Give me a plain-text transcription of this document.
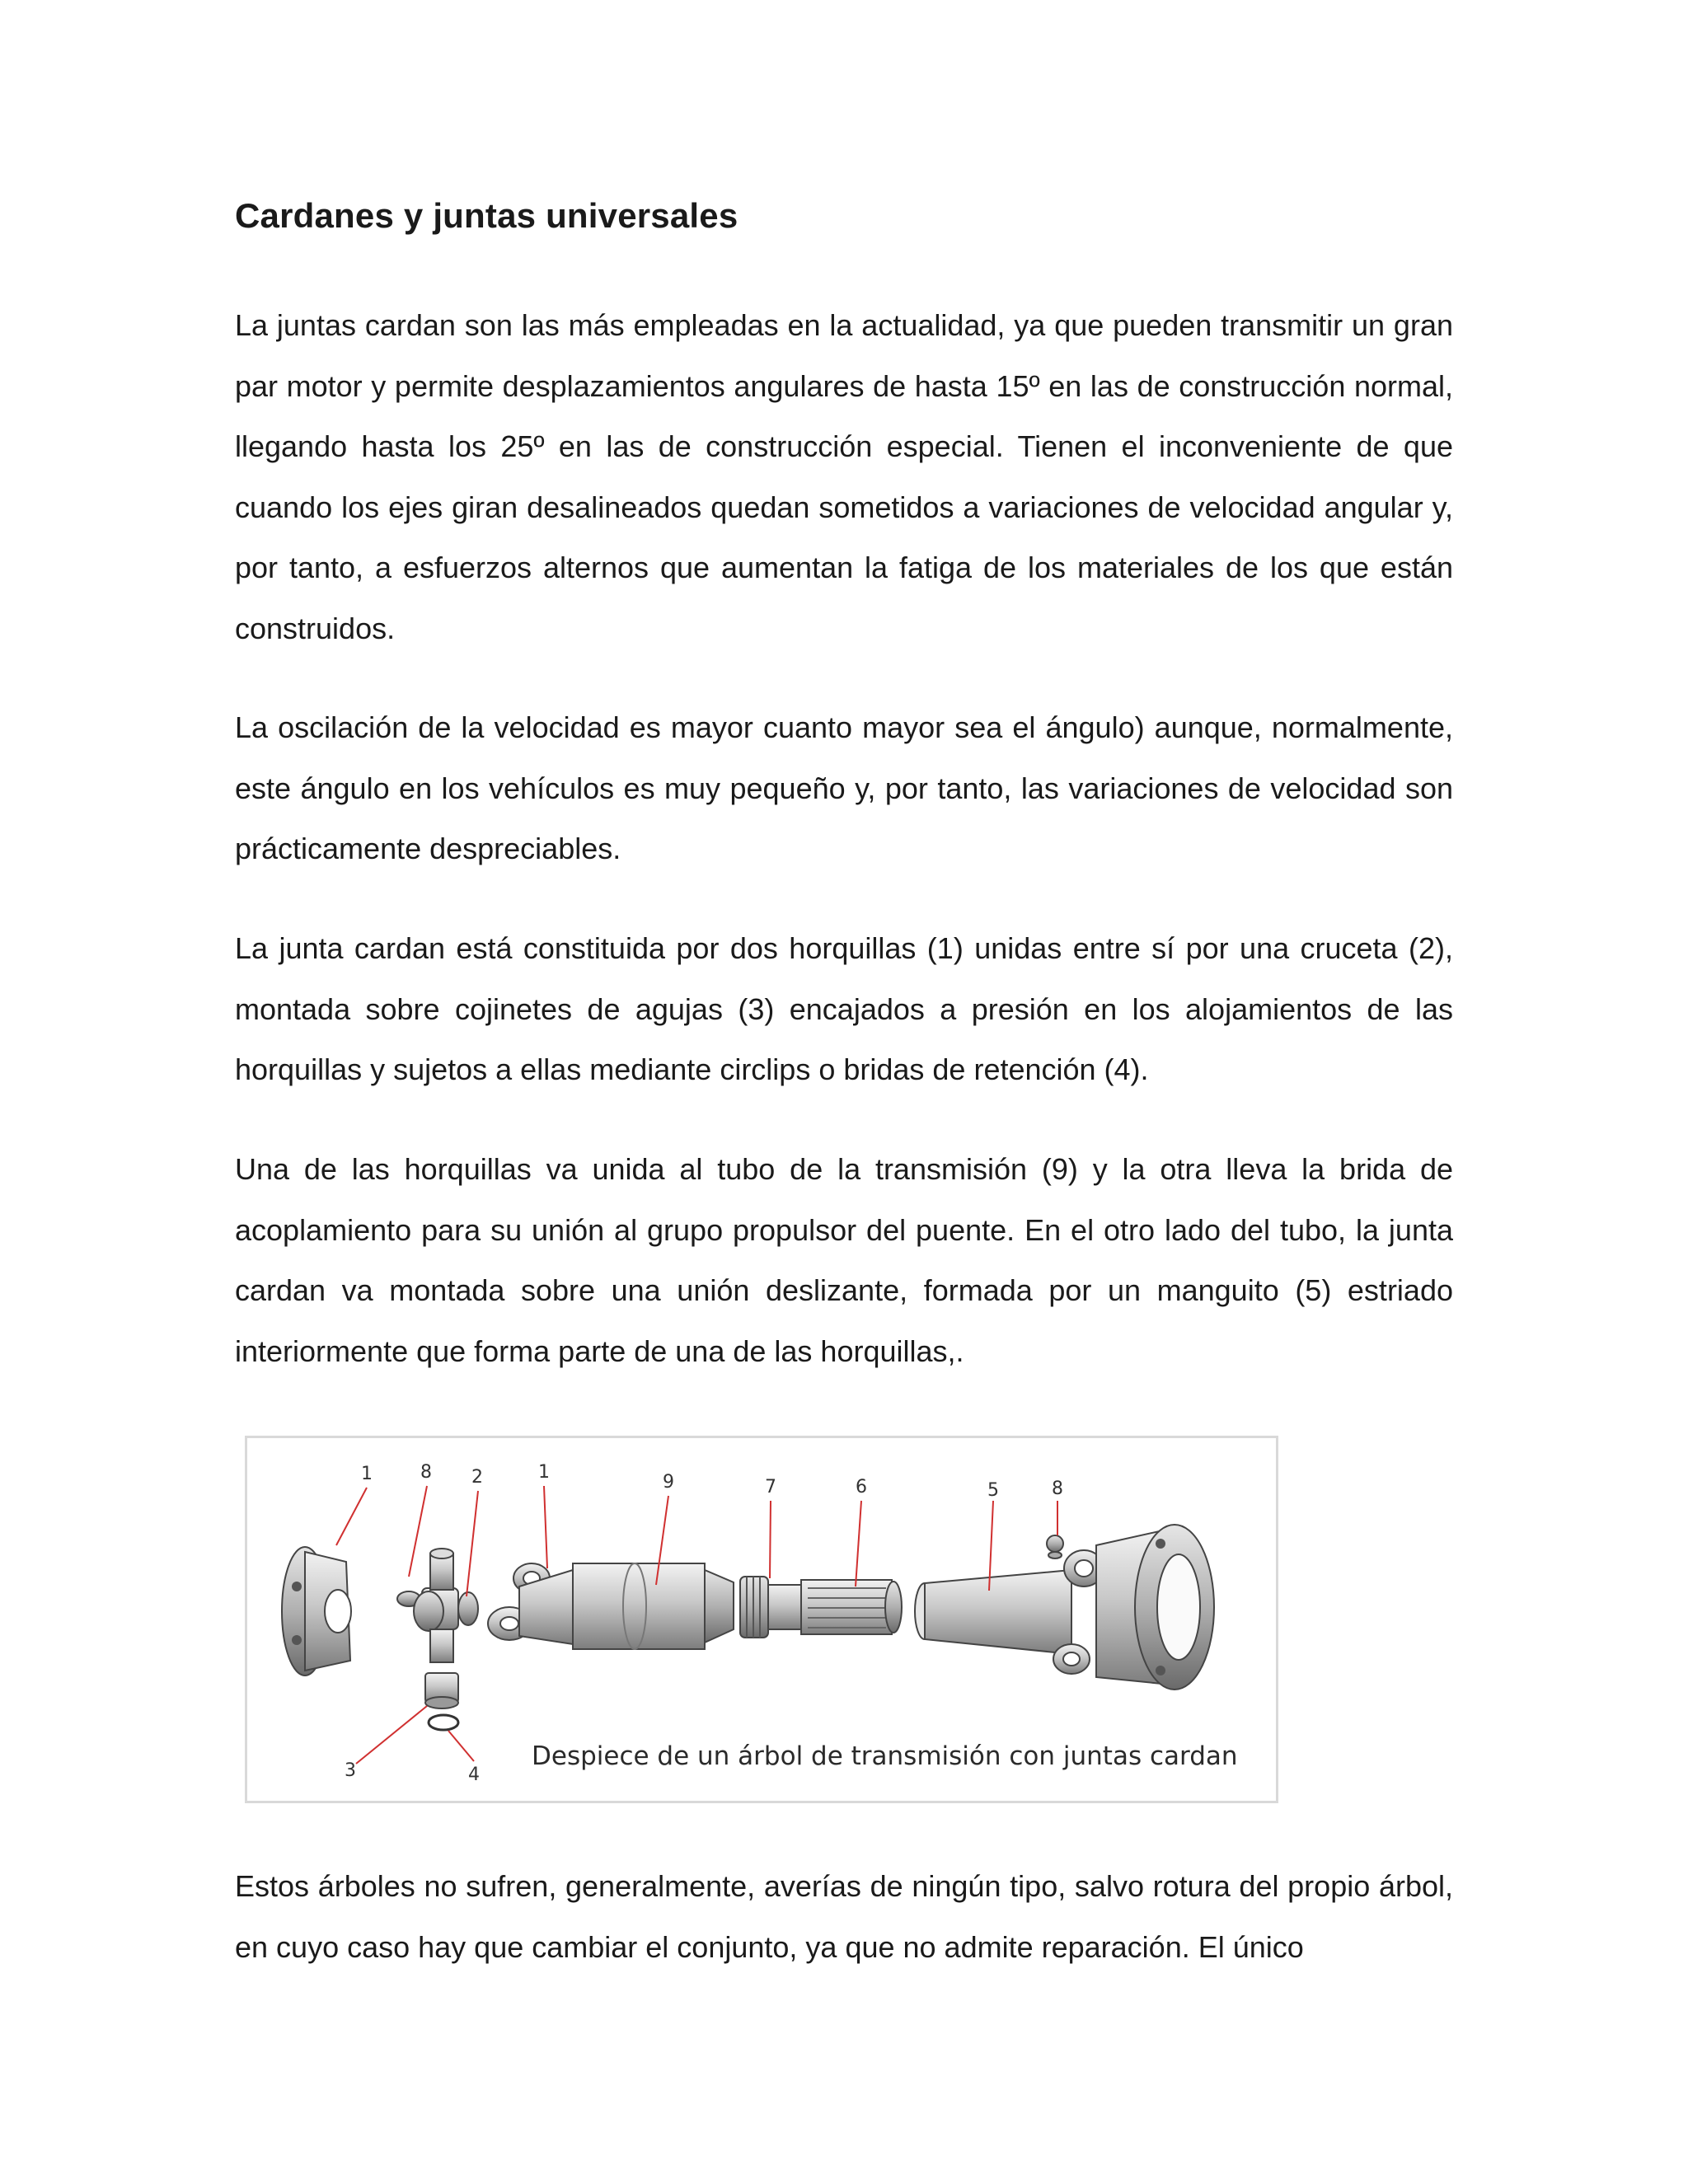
Cardanes y juntas universales

La juntas cardan son las más empleadas en la actualidad, ya que pueden transmitir un gran par motor y permite desplazamientos angulares de hasta 15º en las de construcción normal, llegando hasta los 25º en las de construcción especial. Tienen el inconveniente de que cuando los ejes giran desalineados quedan sometidos a variaciones de velocidad angular y, por tanto, a esfuerzos alternos que aumentan la fatiga de los materiales de los que están construidos.

La oscilación de la velocidad es mayor cuanto mayor sea el ángulo) aunque, normalmente, este ángulo en los vehículos es muy pequeño y, por tanto, las variaciones de velocidad son prácticamente despreciables.

La junta cardan está constituida por dos horquillas (1) unidas entre sí por una cruceta (2), montada sobre cojinetes de agujas (3) encajados a presión en los alojamientos de las horquillas y sujetos a ellas mediante circlips o bridas de retención (4).

Una de las horquillas va unida al tubo de la transmisión (9) y la otra lleva la brida de acoplamiento para su unión al grupo propulsor del puente. En el otro lado del tubo, la junta cardan va montada sobre una unión deslizante, formada por un manguito (5) estriado interiormente que forma parte de una de las horquillas,.

1	8 2	1	9	7	6	5	8
3	4
Despiece de un árbol de transmisión con juntas cardan

Estos árboles no sufren, generalmente, averías de ningún tipo, salvo rotura del propio árbol, en cuyo caso hay que cambiar el conjunto, ya que no admite reparación. El único
